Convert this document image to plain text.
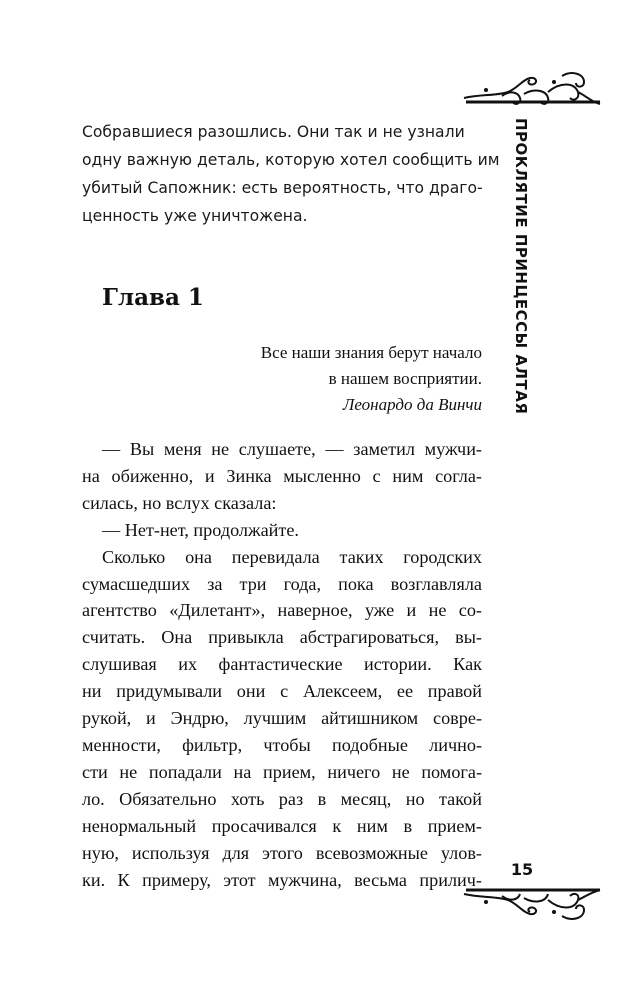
ПРОКЛЯТИЕ ПРИНЦЕССЫ АЛТАЯ
Собравшиеся разошлись. Они так и не узнали
одну важную деталь, которую хотел сообщить им
убитый Сапожник: есть вероятность, что драго-
ценность уже уничтожена.
Глава 1
Все наши знания берут начало
в нашем восприятии.
Леонардо да Винчи
— Вы меня не слушаете, — заметил мужчи-
на обиженно, и Зинка мысленно с ним согла-
силась, но вслух сказала:
— Нет-нет, продолжайте.
Сколько она перевидала таких городских
сумасшедших за три года, пока возглавляла
агентство «Дилетант», наверное, уже и не со-
считать. Она привыкла абстрагироваться, вы-
слушивая их фантастические истории. Как
ни придумывали они с Алексеем, ее правой
рукой, и Эндрю, лучшим айтишником совре-
менности, фильтр, чтобы подобные лично-
сти не попадали на прием, ничего не помога-
ло. Обязательно хоть раз в месяц, но такой
ненормальный просачивался к ним в прием-
ную, используя для этого всевозможные улов-
ки. К примеру, этот мужчина, весьма прилич-	15
